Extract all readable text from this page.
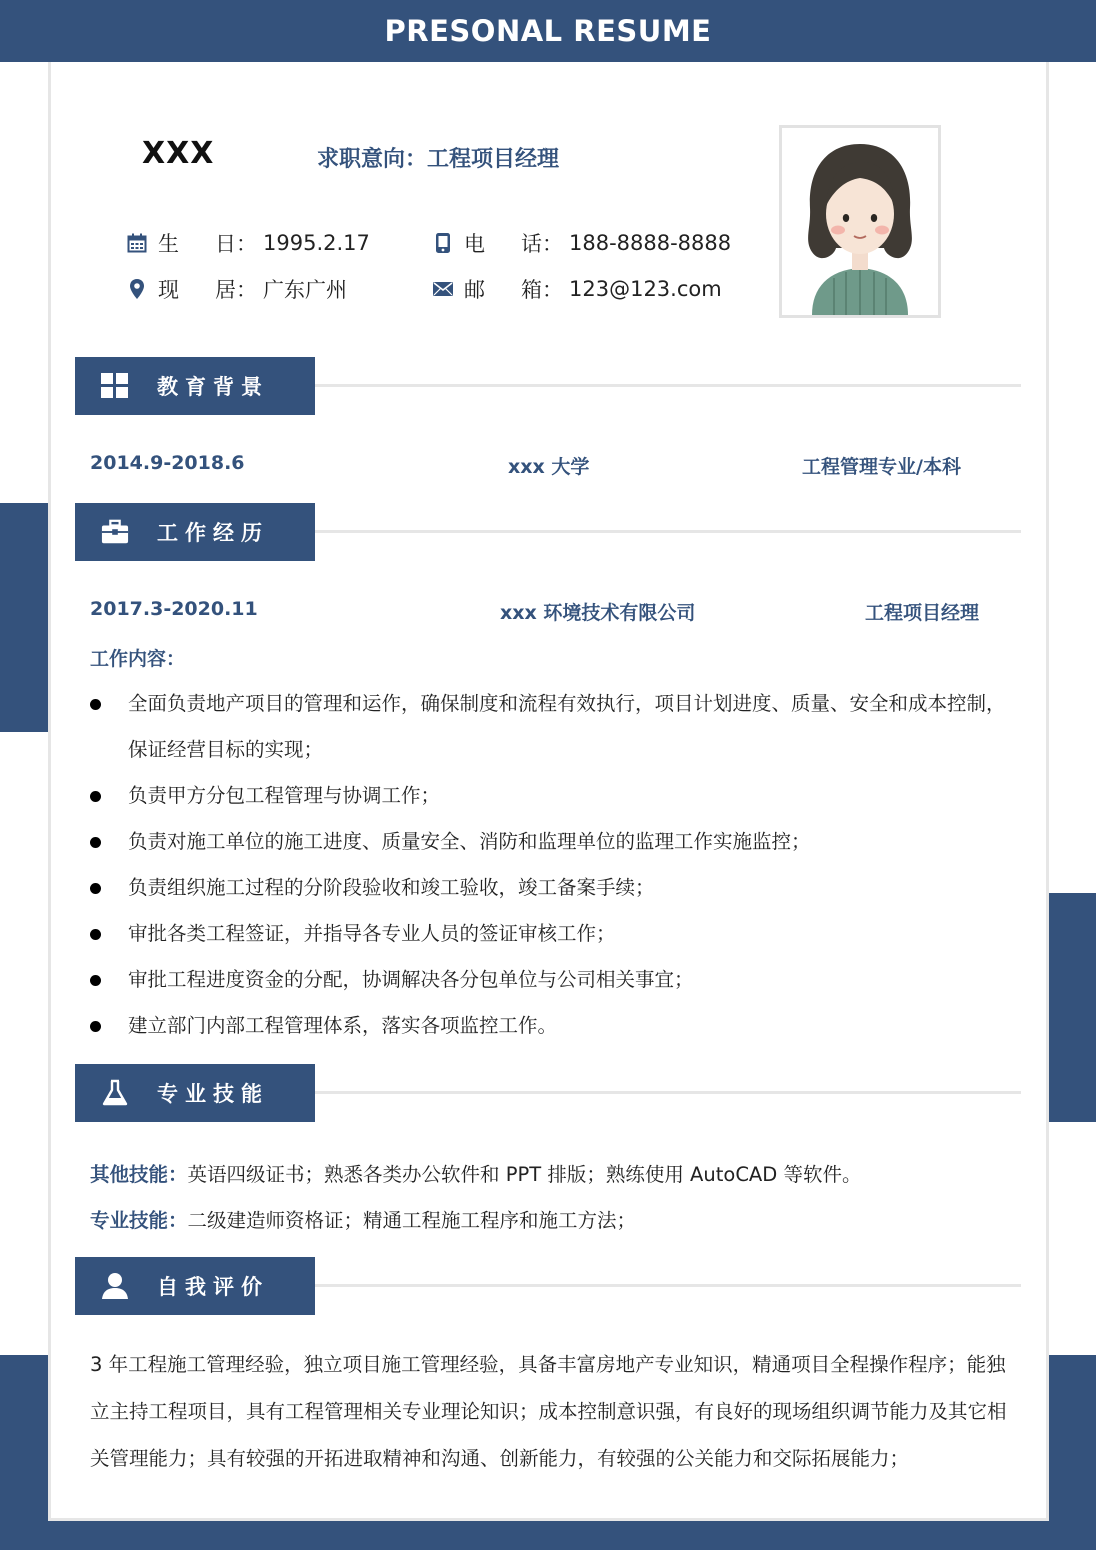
PRESONAL RESUME
XXX	求职意向：工程项目经理
生日 ： 1995.2.17	电话 ： 188-8888-8888
现居 ： 广东广州	邮箱 ： 123@123.com
教育背景
2014.9-2018.6	xxx 大学	工程管理专业/本科
工作经历
2017.3-2020.11	xxx 环境技术有限公司	工程项目经理
工作内容：
全面负责地产项目的管理和运作，确保制度和流程有效执行，项目计划进度、质量、安全和成本控制，保证经营目标的实现；
负责甲方分包工程管理与协调工作；
负责对施工单位的施工进度、质量安全、消防和监理单位的监理工作实施监控；
负责组织施工过程的分阶段验收和竣工验收，竣工备案手续；
审批各类工程签证，并指导各专业人员的签证审核工作；
审批工程进度资金的分配，协调解决各分包单位与公司相关事宜；
建立部门内部工程管理体系，落实各项监控工作。
专业技能
其他技能：英语四级证书；熟悉各类办公软件和 PPT 排版；熟练使用 AutoCAD 等软件。
专业技能：二级建造师资格证；精通工程施工程序和施工方法；
自我评价
3 年工程施工管理经验，独立项目施工管理经验，具备丰富房地产专业知识，精通项目全程操作程序；能独立主持工程项目，具有工程管理相关专业理论知识；成本控制意识强，有良好的现场组织调节能力及其它相关管理能力；具有较强的开拓进取精神和沟通、创新能力，有较强的公关能力和交际拓展能力；
